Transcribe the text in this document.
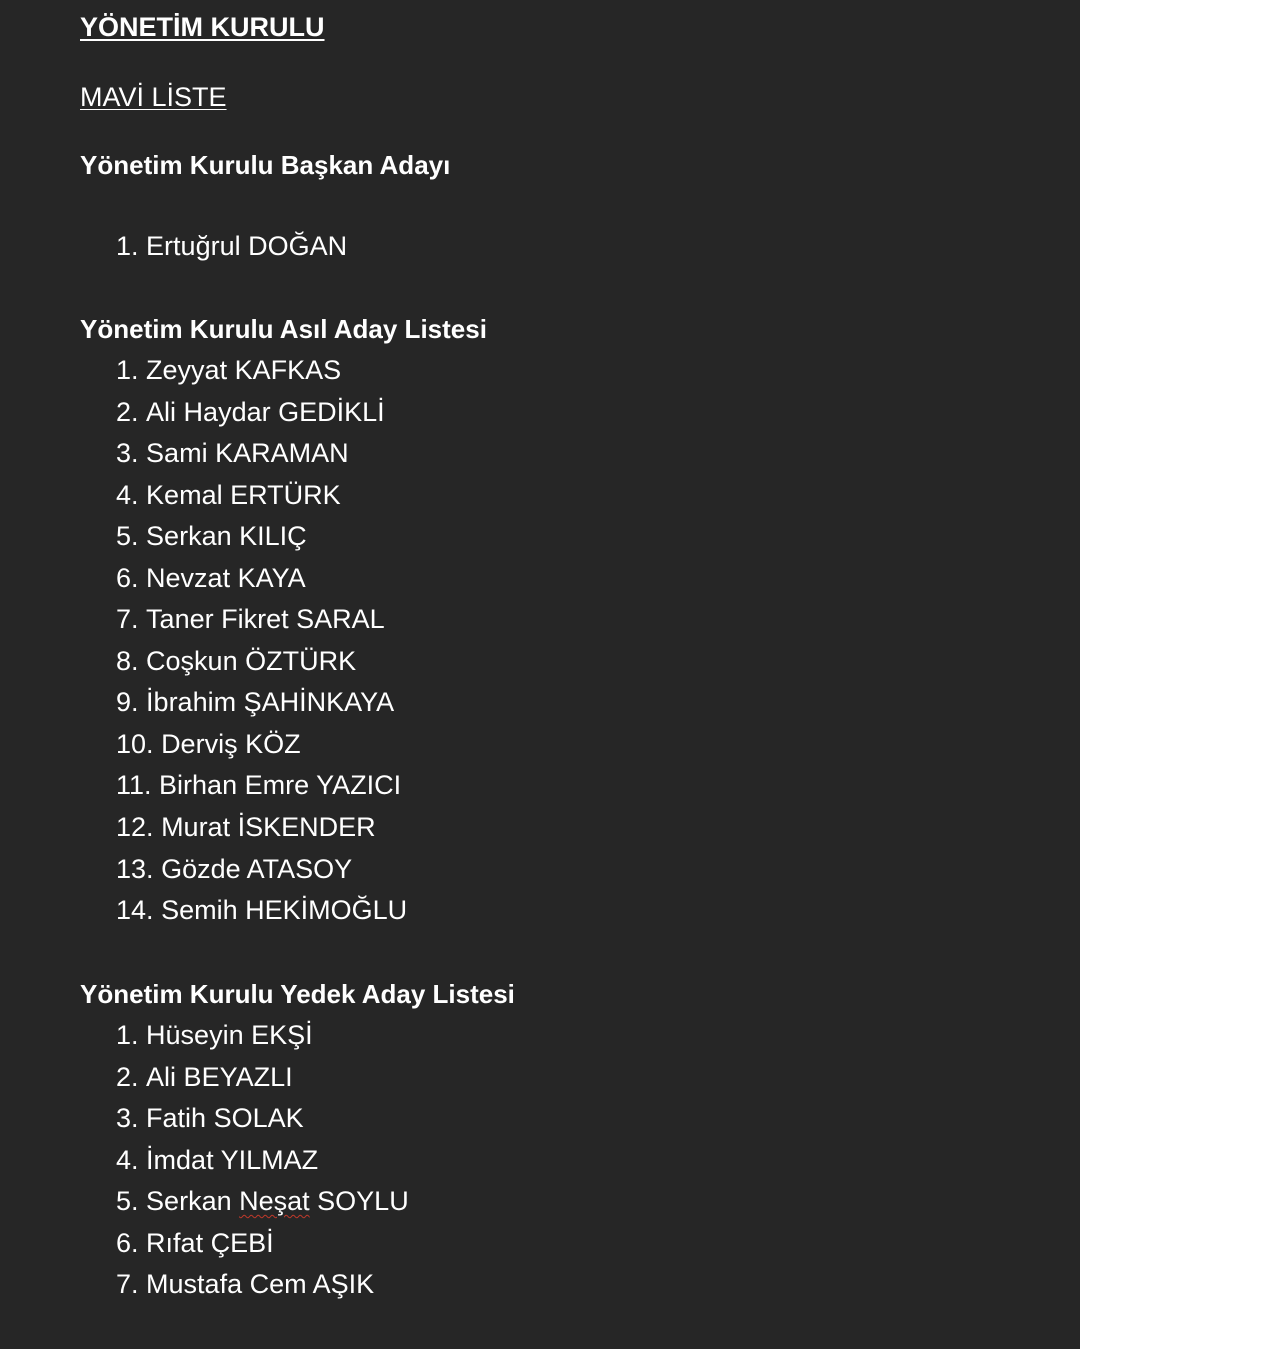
YÖNETİM KURULU
MAVİ LİSTE
Yönetim Kurulu Başkan Adayı
1 . Ertuğrul DOĞAN
Yönetim Kurulu Asıl Aday Listesi
1 . Zeyyat KAFKAS
2 . Ali Haydar GEDİKLİ
3 . Sami KARAMAN
4 . Kemal ERTÜRK
5 . Serkan KILIÇ
6 . Nevzat KAYA
7 . Taner Fikret SARAL
8 . Coşkun ÖZTÜRK
9 . İbrahim ŞAHİNKAYA
10 . Derviş KÖZ
11 . Birhan Emre YAZICI
12 . Murat İSKENDER
13 . Gözde ATASOY
14 . Semih HEKİMOĞLU
Yönetim Kurulu Yedek Aday Listesi
1 . Hüseyin EKŞİ
2 . Ali BEYAZLI
3 . Fatih SOLAK
4 . İmdat YILMAZ
5 . Serkan Neşat SOYLU
6 . Rıfat ÇEBİ
7 . Mustafa Cem AŞIK
